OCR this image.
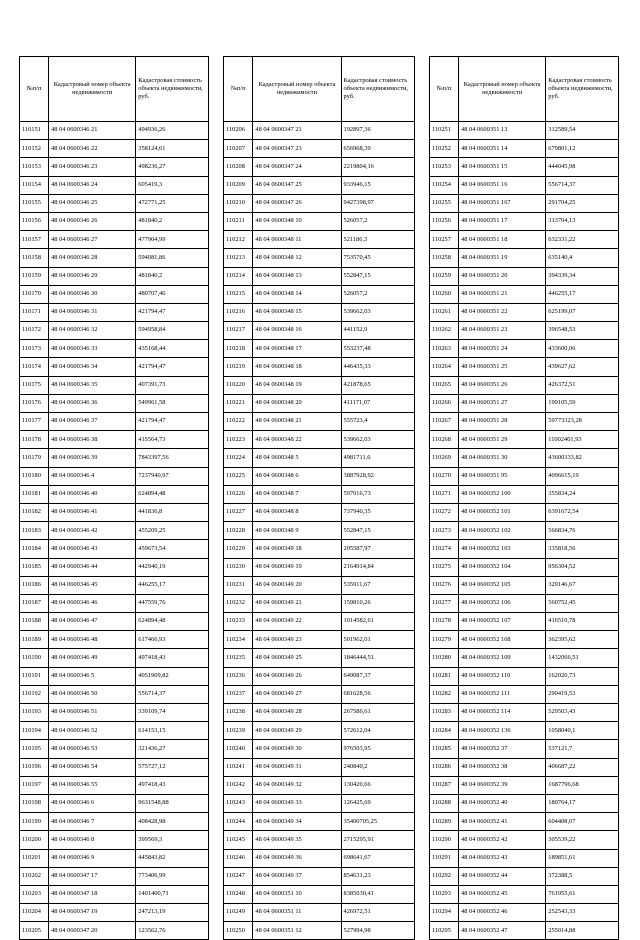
№п/п	Кадастровый номер объекта недвижимости	Кадастровая стоимость объекта недвижимости, руб.
110151	48 04 0600346 21	494936,26
110152	48 04 0600346 22	358124,61
110153	48 04 0600346 23	498236,27
110154	48 04 0600346 24	605419,3
110155	48 04 0600346 25	472771,25
110156	48 04 0600346 26	481840,2
110157	48 04 0600346 27	477904,99
110158	48 04 0600346 28	594081,86
110159	48 04 0600346 29	481840,2
110170	48 04 0600346 30	480707,46
110171	48 04 0600346 31	421794,47
110172	48 04 0600346 32	594958,84
110173	48 04 0600346 33	435168,44
110174	48 04 0600346 34	421794,47
110175	48 04 0600346 35	407391,73
110176	48 04 0600346 36	549961,58
110177	48 04 0600346 37	421794,47
110178	48 04 0600346 38	415564,73
110179	48 04 0600346 39	7843397,56
110180	48 04 0600346 4	7237940,97
110181	48 04 0600346 40	624894,48
110182	48 04 0600346 41	441836,8
110183	48 04 0600346 42	455209,25
110184	48 04 0600346 43	459673,54
110185	48 04 0600346 44	442940,19
110186	48 04 0600346 45	446255,17
110187	48 04 0600346 46	447559,76
110188	48 04 0600346 47	624894,48
110189	48 04 0600346 48	617466,93
110190	48 04 0600346 49	497418,43
110191	48 04 0600346 5	4051909,82
110192	48 04 0600346 50	556714,37
110193	48 04 0600346 51	339109,74
110194	48 04 0600346 52	614153,15
110195	48 04 0600346 53	321436,27
110196	48 04 0600346 54	575727,12
110197	48 04 0600346 55	497418,43
110198	48 04 0600346 6	9631548,88
110199	48 04 0600346 7	408428,98
110200	48 04 0600346 8	399569,3
110201	48 04 0600346 9	445843,82
110202	48 04 0600347 17	773406,99
110203	48 04 0600347 18	1401400,71
110204	48 04 0600347 19	247213,19
110205	48 04 0600347 20	123562,76
№п/п	Кадастровый номер объекта недвижимости	Кадастровая стоимость объекта недвижимости, руб.
110206	48 04 0600347 21	192897,36
110207	48 04 0600347 23	656968,39
110208	48 04 0600347 24	2219804,16
110209	48 04 0600347 25	933946,15
110210	48 04 0600347 26	9427398,97
110211	48 04 0600348 10	526057,2
110212	48 04 0600348 11	521186,3
110213	48 04 0600348 12	753570,45
110214	48 04 0600348 13	552847,15
110215	48 04 0600348 14	526057,2
110216	48 04 0600348 15	539662,03
110217	48 04 0600348 16	441152,9
110218	48 04 0600348 17	553237,48
110219	48 04 0600348 18	446435,33
110220	48 04 0600348 19	421878,65
110221	48 04 0600348 20	411171,07
110222	48 04 0600348 21	555723,4
110223	48 04 0600348 22	539662,03
110224	48 04 0600348 5	4981711,6
110225	48 04 0600348 6	3887928,92
110226	48 04 0600348 7	597016,73
110227	48 04 0600348 8	737940,35
110228	48 04 0600348 9	552847,15
110229	48 04 0600349 18	205587,97
110230	48 04 0600349 19	2164914,84
110231	48 04 0600349 20	535911,67
110232	48 04 0600349 21	159810,26
110233	48 04 0600349 22	1014582,61
110234	48 04 0600349 23	501962,01
110235	48 04 0600349 25	1846444,51
110236	48 04 0600349 26	649087,37
110237	48 04 0600349 27	681628,56
110238	48 04 0600349 28	267586,61
110239	48 04 0600349 29	572612,04
110240	48 04 0600349 30	976503,95
110241	48 04 0600349 31	240840,2
110242	48 04 0600349 32	130420,66
110243	48 04 0600349 33	126425,69
110244	48 04 0600349 34	35400705,25
110245	48 04 0600349 35	2715295,91
110246	48 04 0600349 36	698641,67
110247	48 04 0600349 37	854631,23
110248	48 04 0600351 10	8385030,41
110249	48 04 0600351 11	426972,51
110250	48 04 0600351 12	527994,98
№п/п	Кадастровый номер объекта недвижимости	Кадастровая стоимость объекта недвижимости, руб.
110251	48 04 0600351 13	312589,54
110252	48 04 0600351 14	679801,12
110253	48 04 0600351 15	444045,98
110254	48 04 0600351 16	556714,37
110255	48 04 0600351 167	291704,25
110256	48 04 0600351 17	313704,13
110257	48 04 0600351 18	632331,22
110258	48 04 0600351 19	635140,4
110259	48 04 0600351 20	394339,34
110260	48 04 0600351 21	446255,17
110261	48 04 0600351 22	625199,07
110262	48 04 0600351 23	396548,53
110263	48 04 0600351 24	433600,06
110264	48 04 0600351 25	439627,62
110265	48 04 0600351 26	426372,51
110266	48 04 0600351 27	199105,59
110267	48 04 0600351 28	59773323,28
110268	48 04 0600351 29	11002401,93
110269	48 04 0600351 30	43600333,82
110270	48 04 0600351 95	4096615,19
110271	48 04 0600352 100	355834,24
110272	48 04 0600352 101	6391672,54
110273	48 04 0600352 102	566834,76
110274	48 04 0600352 103	335818,56
110275	48 04 0600352 104	956304,52
110276	48 04 0600352 105	329146,67
110277	48 04 0600352 106	560752,45
110278	48 04 0600352 107	416510,78
110279	48 04 0600352 108	362395,62
110280	48 04 0600352 109	1432066,51
110281	48 04 0600352 110	162020,73
110282	48 04 0600352 111	290419,53
110283	48 04 0600352 114	529503,43
110284	48 04 0600352 136	1058040,1
110285	48 04 0600352 37	537121,7
110286	48 04 0600352 38	406687,22
110287	48 04 0600352 39	1687796,68
110288	48 04 0600352 40	180764,17
110289	48 04 0600352 41	604408,07
110290	48 04 0600352 42	305539,22
110291	48 04 0600352 43	189851,61
110292	48 04 0600352 44	372388,5
110293	48 04 0600352 45	761955,61
110294	48 04 0600352 46	252543,33
110295	48 04 0600352 47	255014,88
